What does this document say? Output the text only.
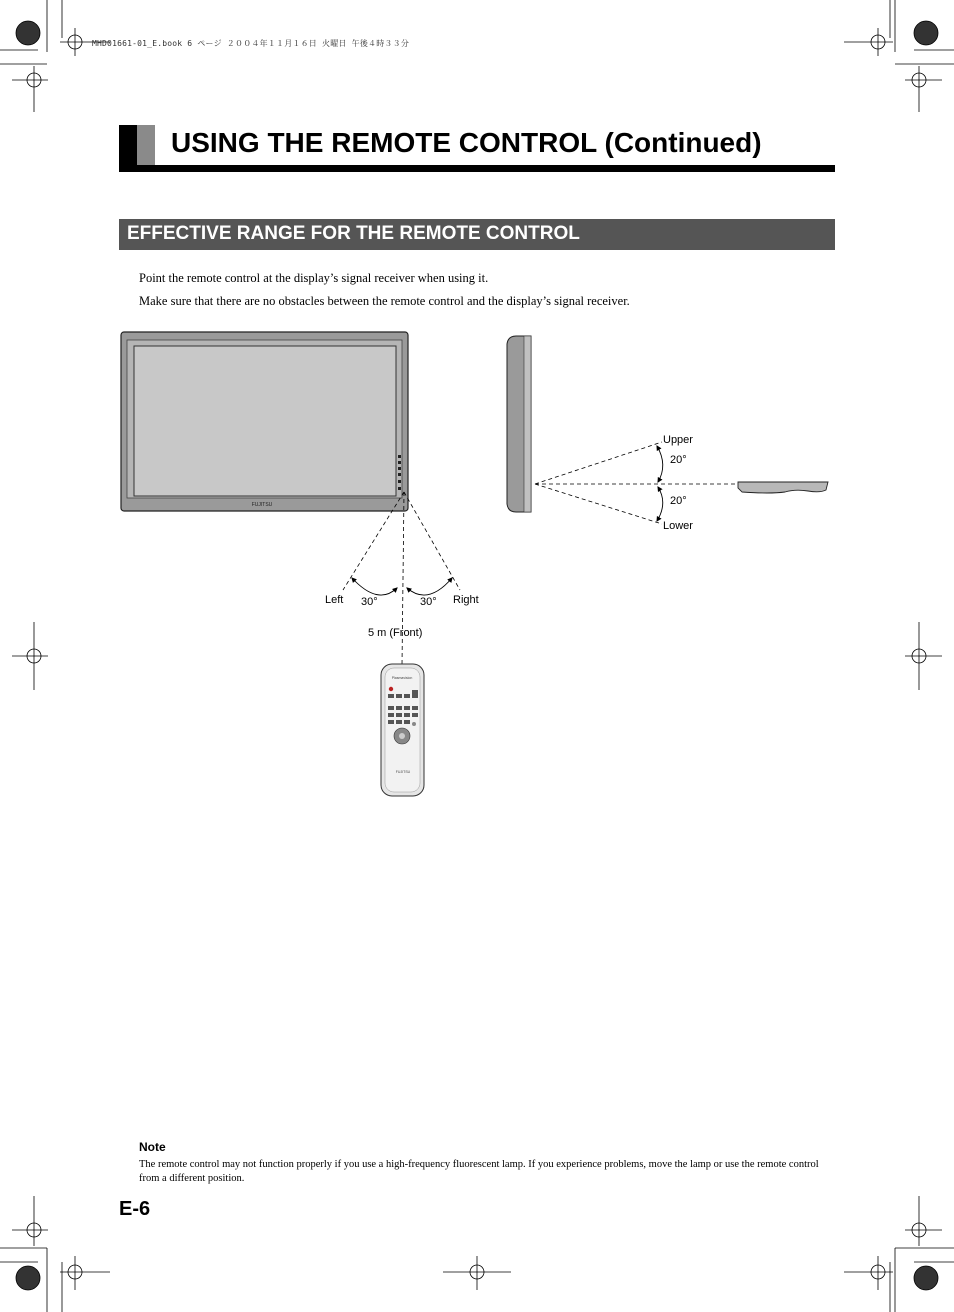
MHD01661-01_E.book 6 ページ ２００４年１１月１６日 火曜日 午後４時３３分
USING THE REMOTE CONTROL (Continued)
EFFECTIVE RANGE FOR THE REMOTE CONTROL
Point the remote control at the display’s signal receiver when using it.
Make sure that there are no obstacles between the remote control and the display’s signal receiver.
FUJITSU
Left 30°	30° Right
5 m (Front)
Upper
20°
20°
Lower
Plasmavision
FUJITSU
Note
The remote control may not function properly if you use a high-frequency fluorescent lamp. If you experience problems, move the lamp or use the remote control from a different position.
E-6
